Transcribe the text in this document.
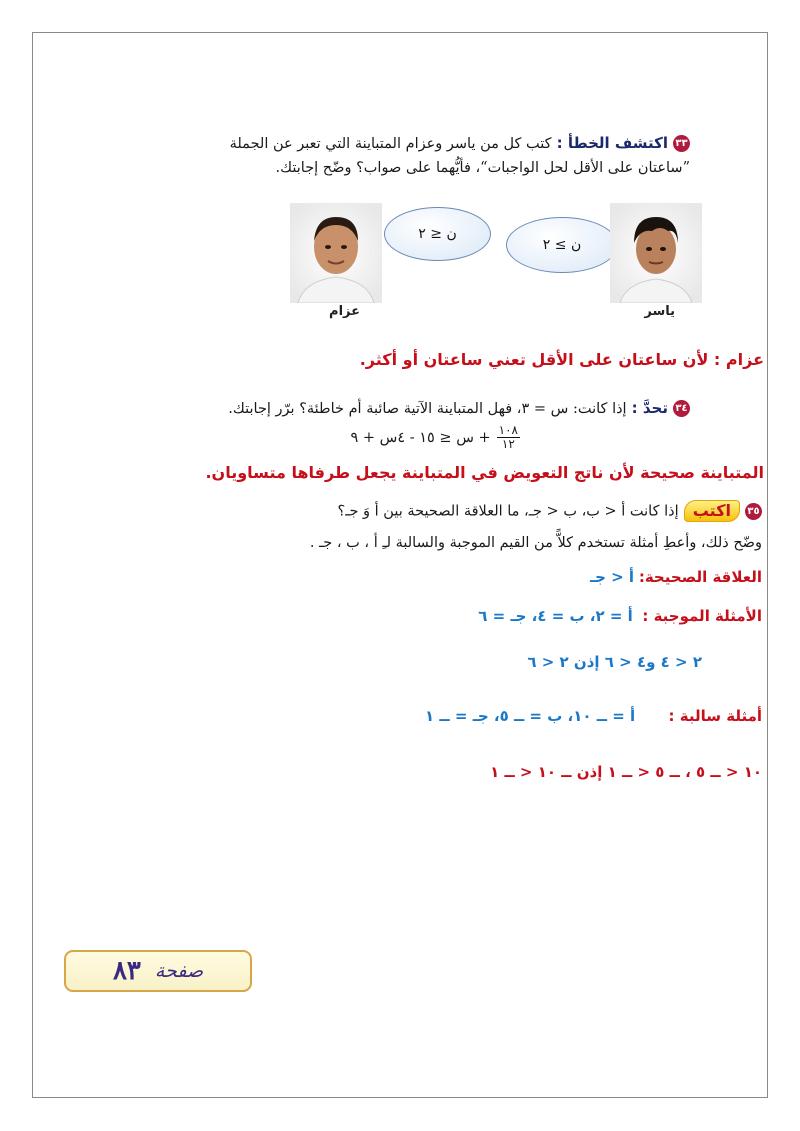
٣٣اكتشف الخطأ : كتب كل من ياسر وعزام المتباينة التي تعبر عن الجملة
”ساعتان على الأقل لحل الواجبات“، فأيُّهما على صواب؟ وضّح إجابتك.
ن ≤ ٢
ن ≥ ٢
عزام	ياسر
عزام : لأن ساعتان على الأقل تعني ساعتان أو أكثر.
٣٤تحدَّ : إذا كانت: س = ٣، فهل المتباينة الآتية صائبة أم خاطئة؟ برّر إجابتك.
١٠٨
١٢
+ س ≤ ١٥ - ٤س + ٩
المتباينة صحيحة لأن ناتج التعويض في المتباينة يجعل طرفاها متساويان.
٣٥اكتب إذا كانت أ < ب، ب < جـ، ما العلاقة الصحيحة بين أ وَ جـ؟
وضّح ذلك، وأعطِ أمثلة تستخدم كلاًّ من القيم الموجبة والسالبة لـِ أ ، ب ، جـ .
العلاقة الصحيحة: أ < جـ
الأمثلة الموجبة :  أ = ٢، ب = ٤، جـ = ٦
٢ < ٤ و٤ < ٦ إذن ٢ < ٦
أمثلة سالبة :       أ = ــ ١٠، ب = ــ ٥، جـ = ــ ١
١٠ < ــ ٥ ، ــ ٥ < ــ ١ إذن ــ ١٠ < ــ ١
صفحة
٨٣
